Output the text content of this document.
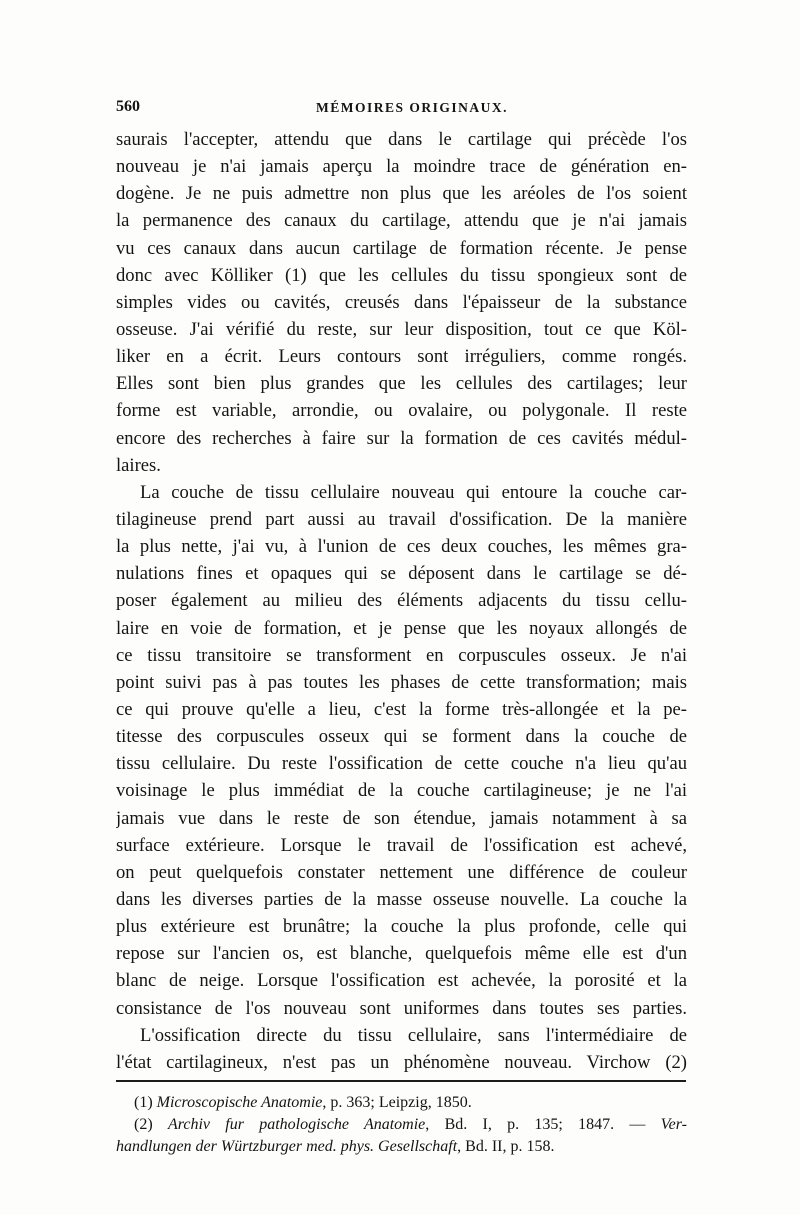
560	MÉMOIRES ORIGINAUX.
saurais l'accepter, attendu que dans le cartilage qui précède l'os
nouveau je n'ai jamais aperçu la moindre trace de génération en-
dogène. Je ne puis admettre non plus que les aréoles de l'os soient
la permanence des canaux du cartilage, attendu que je n'ai jamais
vu ces canaux dans aucun cartilage de formation récente. Je pense
donc avec Kölliker (1) que les cellules du tissu spongieux sont de
simples vides ou cavités, creusés dans l'épaisseur de la substance
osseuse. J'ai vérifié du reste, sur leur disposition, tout ce que Köl-
liker en a écrit. Leurs contours sont irréguliers, comme rongés.
Elles sont bien plus grandes que les cellules des cartilages; leur
forme est variable, arrondie, ou ovalaire, ou polygonale. Il reste
encore des recherches à faire sur la formation de ces cavités médul-
laires.
La couche de tissu cellulaire nouveau qui entoure la couche car-
tilagineuse prend part aussi au travail d'ossification. De la manière
la plus nette, j'ai vu, à l'union de ces deux couches, les mêmes gra-
nulations fines et opaques qui se déposent dans le cartilage se dé-
poser également au milieu des éléments adjacents du tissu cellu-
laire en voie de formation, et je pense que les noyaux allongés de
ce tissu transitoire se transforment en corpuscules osseux. Je n'ai
point suivi pas à pas toutes les phases de cette transformation; mais
ce qui prouve qu'elle a lieu, c'est la forme très-allongée et la pe-
titesse des corpuscules osseux qui se forment dans la couche de
tissu cellulaire. Du reste l'ossification de cette couche n'a lieu qu'au
voisinage le plus immédiat de la couche cartilagineuse; je ne l'ai
jamais vue dans le reste de son étendue, jamais notamment à sa
surface extérieure. Lorsque le travail de l'ossification est achevé,
on peut quelquefois constater nettement une différence de couleur
dans les diverses parties de la masse osseuse nouvelle. La couche la
plus extérieure est brunâtre; la couche la plus profonde, celle qui
repose sur l'ancien os, est blanche, quelquefois même elle est d'un
blanc de neige. Lorsque l'ossification est achevée, la porosité et la
consistance de l'os nouveau sont uniformes dans toutes ses parties.
L'ossification directe du tissu cellulaire, sans l'intermédiaire de
l'état cartilagineux, n'est pas un phénomène nouveau. Virchow (2)
(1) Microscopische Anatomie, p. 363; Leipzig, 1850.
(2) Archiv fur pathologische Anatomie, Bd. I, p. 135; 1847. — Ver-
handlungen der Würtzburger med. phys. Gesellschaft, Bd. II, p. 158.
